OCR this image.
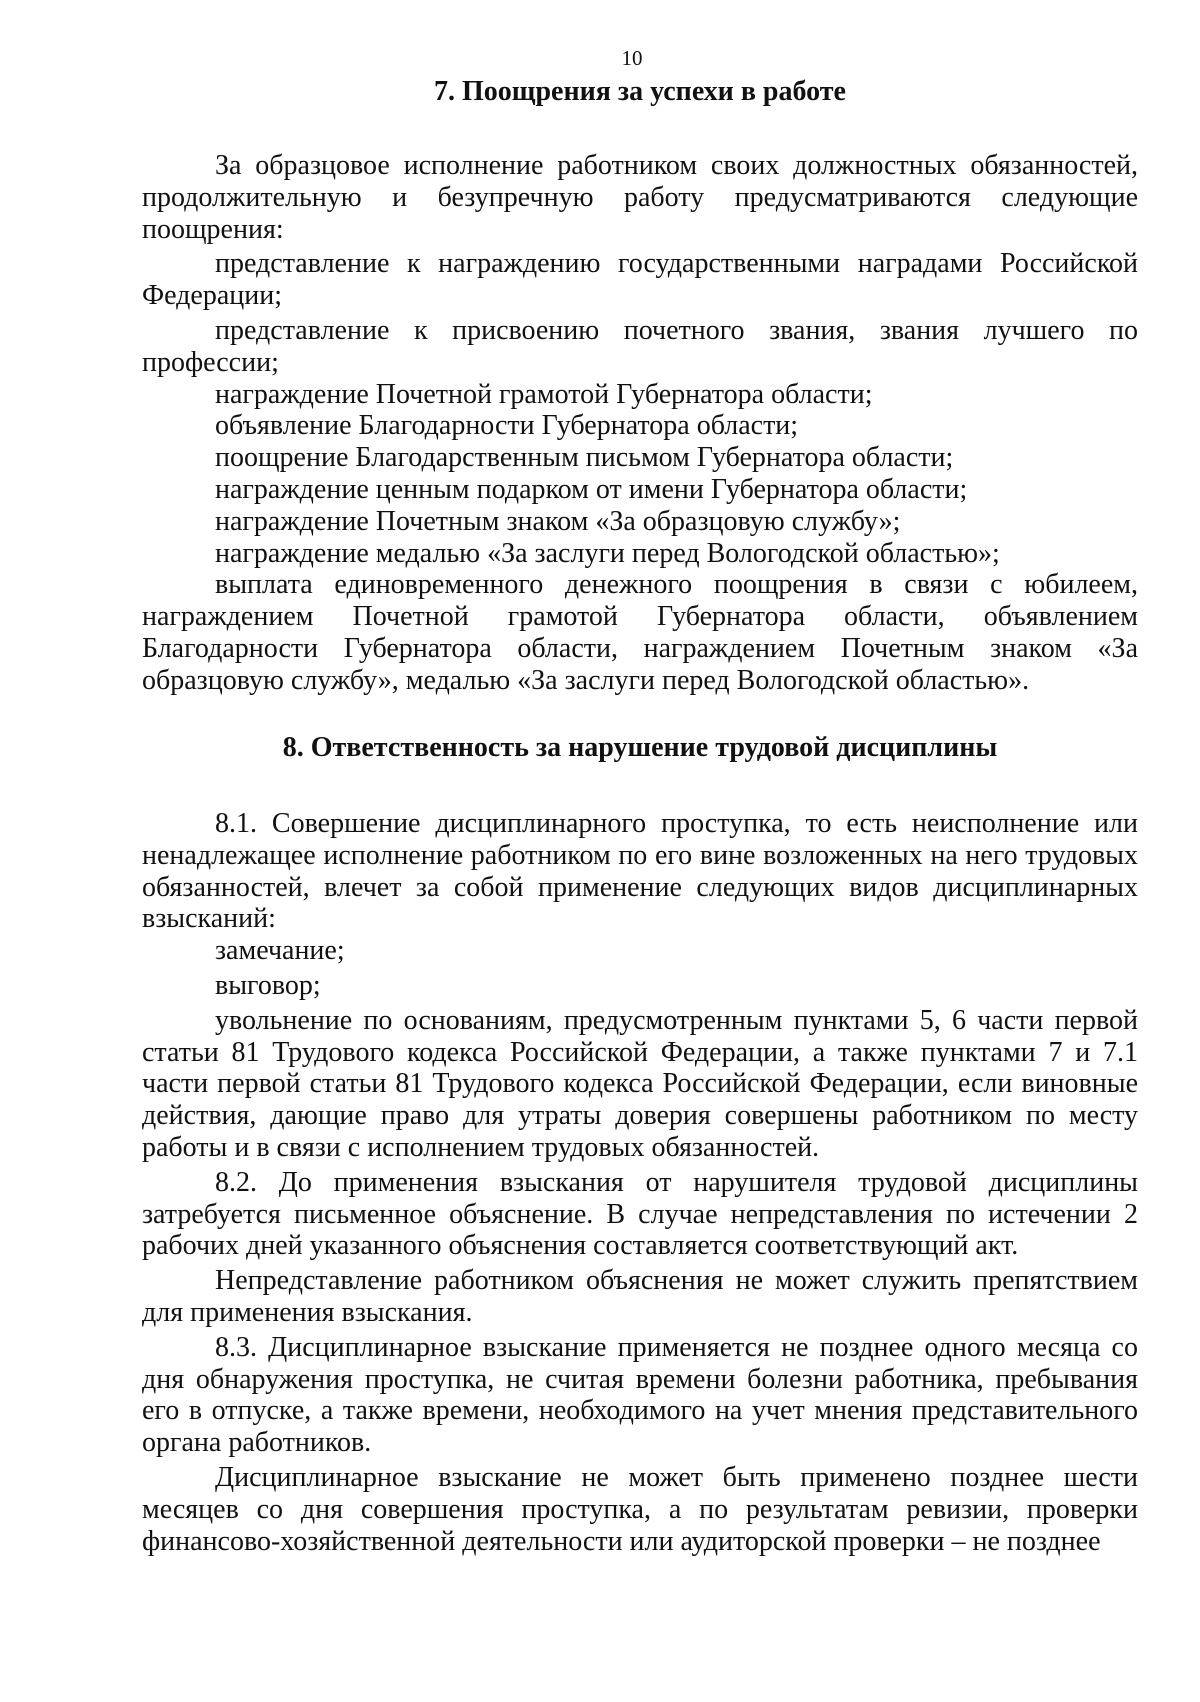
10
7. Поощрения за успехи в работе

За образцовое исполнение работником своих должностных обязанностей, продолжительную и безупречную работу предусматриваются следующие поощрения:

представление к награждению государственными наградами Российской Федерации;

представление к присвоению почетного звания, звания лучшего по профессии;

награждение Почетной грамотой Губернатора области;

объявление Благодарности Губернатора области;

поощрение Благодарственным письмом Губернатора области;

награждение ценным подарком от имени Губернатора области;

награждение Почетным знаком «За образцовую службу»;

награждение медалью «За заслуги перед Вологодской областью»;

выплата единовременного денежного поощрения в связи с юбилеем, награждением Почетной грамотой Губернатора области, объявлением Благодарности Губернатора области, награждением Почетным знаком «За образцовую службу», медалью «За заслуги перед Вологодской областью».

8. Ответственность за нарушение трудовой дисциплины

8.1. Совершение дисциплинарного проступка, то есть неисполнение или ненадлежащее исполнение работником по его вине возложенных на него трудовых обязанностей, влечет за собой применение следующих видов дисциплинарных взысканий:

замечание;

выговор;

увольнение по основаниям, предусмотренным пунктами 5, 6 части первой статьи 81 Трудового кодекса Российской Федерации, а также пунктами 7 и 7.1 части первой статьи 81 Трудового кодекса Российской Федерации, если виновные действия, дающие право для утраты доверия совершены работником по месту работы и в связи с исполнением трудовых обязанностей.

8.2. До применения взыскания от нарушителя трудовой дисциплины затребуется письменное объяснение. В случае непредставления по истечении 2 рабочих дней указанного объяснения составляется соответствующий акт.

Непредставление работником объяснения не может служить препятствием для применения взыскания.

8.3. Дисциплинарное взыскание применяется не позднее одного месяца со дня обнаружения проступка, не считая времени болезни работника, пребывания его в отпуске, а также времени, необходимого на учет мнения представительного органа работников.

Дисциплинарное взыскание не может быть применено позднее шести месяцев со дня совершения проступка, а по результатам ревизии, проверки финансово-хозяйственной деятельности или аудиторской проверки – не позднее
